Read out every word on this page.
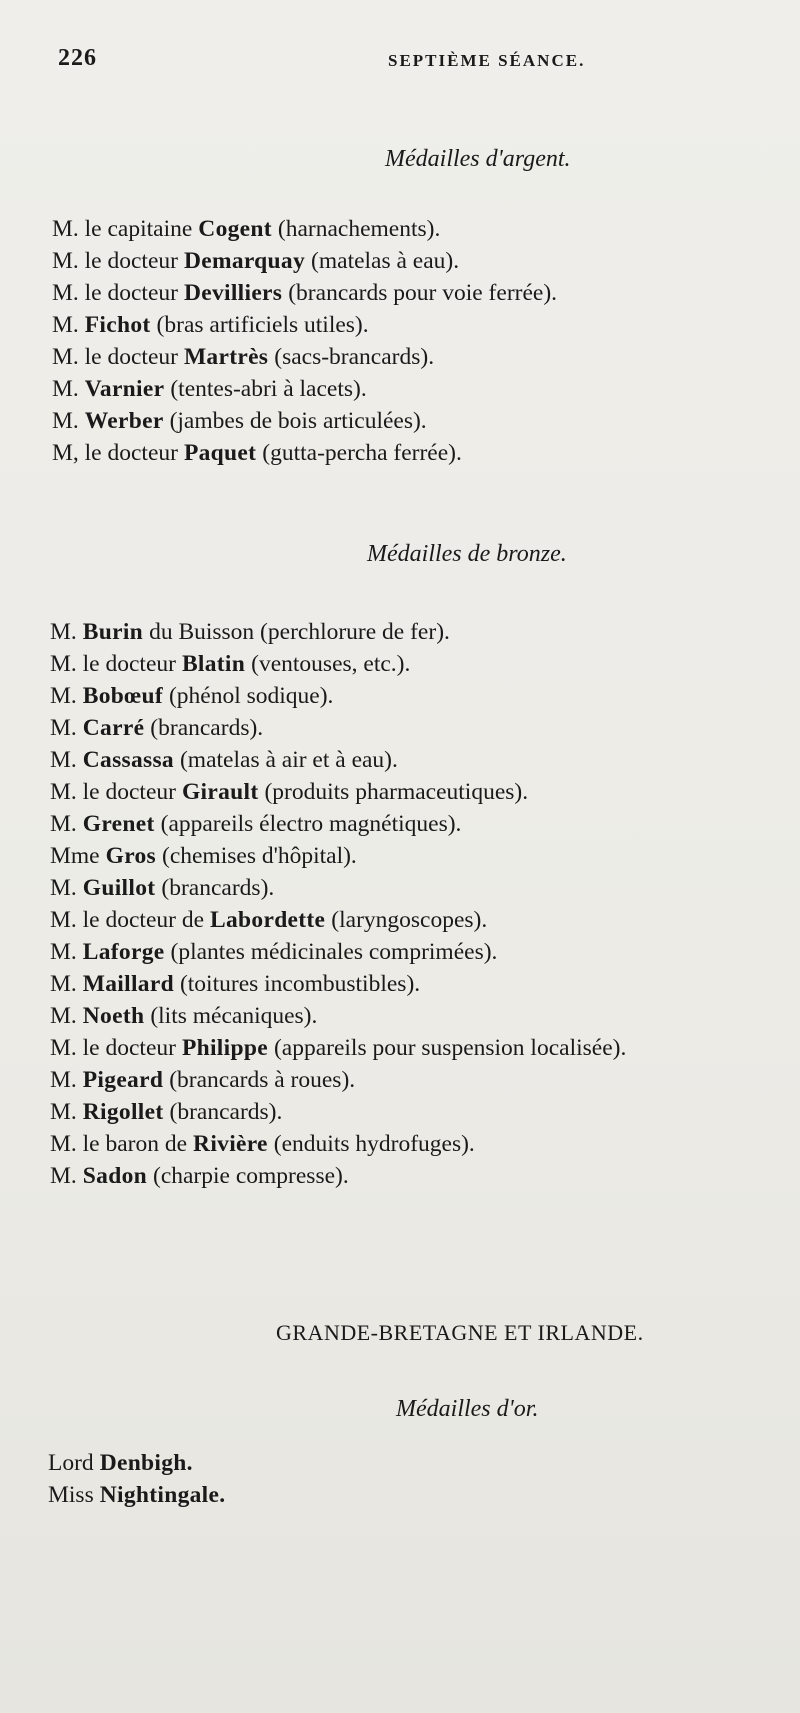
226	SEPTIÈME SÉANCE.
Médailles d'argent.
M. le capitaine Cogent (harnachements).
M. le docteur Demarquay (matelas à eau).
M. le docteur Devilliers (brancards pour voie ferrée).
M. Fichot (bras artificiels utiles).
M. le docteur Martrès (sacs-brancards).
M. Varnier (tentes-abri à lacets).
M. Werber (jambes de bois articulées).
M, le docteur Paquet (gutta-percha ferrée).
Médailles de bronze.
M. Burin du Buisson (perchlorure de fer).
M. le docteur Blatin (ventouses, etc.).
M. Bobœuf (phénol sodique).
M. Carré (brancards).
M. Cassassa (matelas à air et à eau).
M. le docteur Girault (produits pharmaceutiques).
M. Grenet (appareils électro magnétiques).
Mme Gros (chemises d'hôpital).
M. Guillot (brancards).
M. le docteur de Labordette (laryngoscopes).
M. Laforge (plantes médicinales comprimées).
M. Maillard (toitures incombustibles).
M. Noeth (lits mécaniques).
M. le docteur Philippe (appareils pour suspension localisée).
M. Pigeard (brancards à roues).
M. Rigollet (brancards).
M. le baron de Rivière (enduits hydrofuges).
M. Sadon (charpie compresse).
GRANDE-BRETAGNE ET IRLANDE.
Médailles d'or.
Lord Denbigh.
Miss Nightingale.
